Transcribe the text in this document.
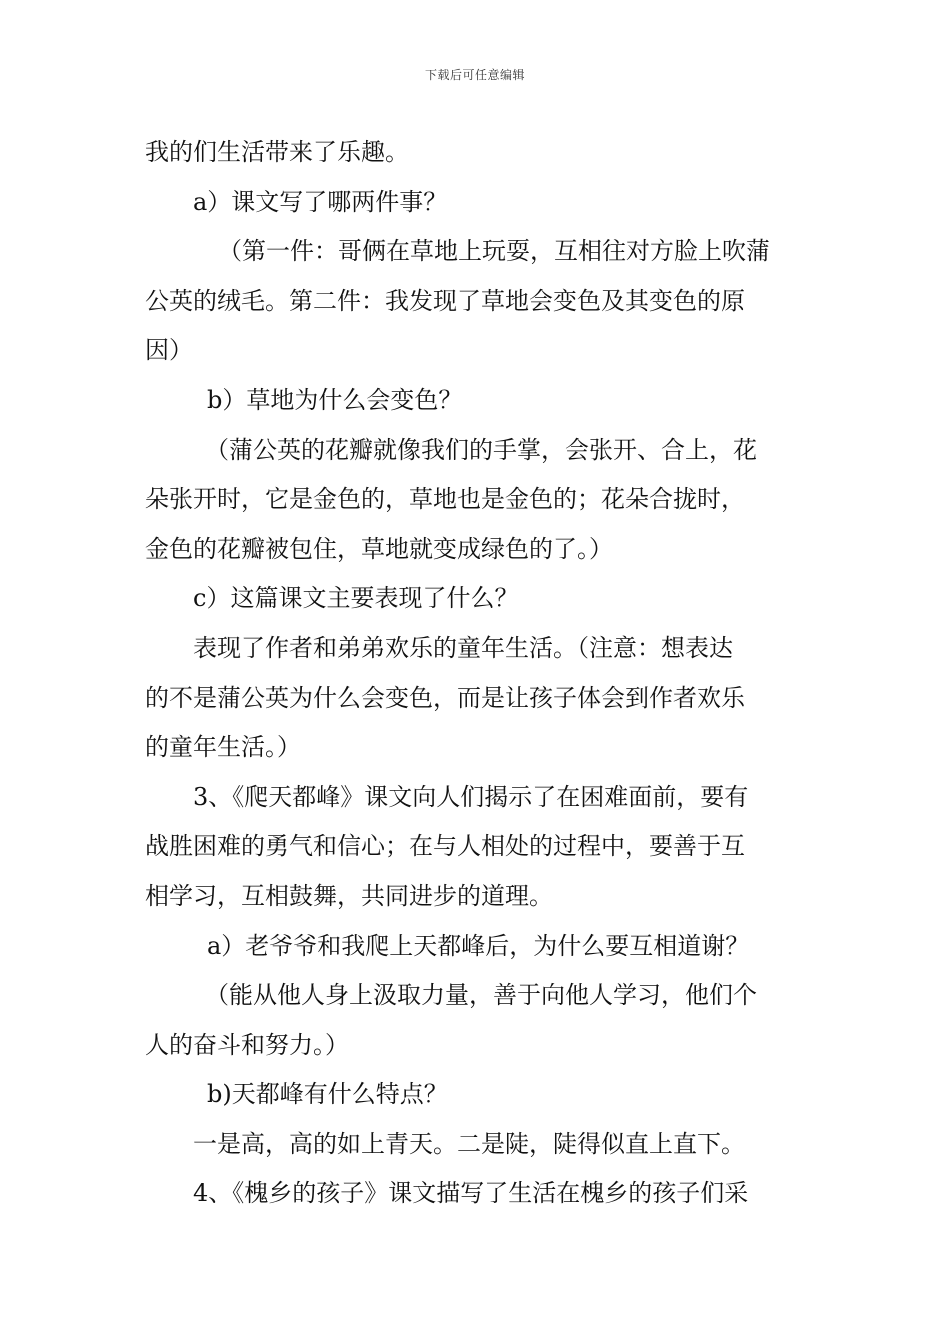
下载后可任意编辑
我的们生活带来了乐趣。
a）课文写了哪两件事？
（第一件：哥俩在草地上玩耍，互相往对方脸上吹蒲
公英的绒毛。第二件：我发现了草地会变色及其变色的原
因）
b）草地为什么会变色？
（蒲公英的花瓣就像我们的手掌，会张开、合上，花
朵张开时，它是金色的，草地也是金色的；花朵合拢时，
金色的花瓣被包住，草地就变成绿色的了。）
c）这篇课文主要表现了什么？
表现了作者和弟弟欢乐的童年生活。（注意：想表达
的不是蒲公英为什么会变色，而是让孩子体会到作者欢乐
的童年生活。）
3、《爬天都峰》课文向人们揭示了在困难面前，要有
战胜困难的勇气和信心；在与人相处的过程中，要善于互
相学习，互相鼓舞，共同进步的道理。
a）老爷爷和我爬上天都峰后，为什么要互相道谢？
（能从他人身上汲取力量，善于向他人学习，他们个
人的奋斗和努力。）
b)天都峰有什么特点？
一是高，高的如上青天。二是陡，陡得似直上直下。
4、《槐乡的孩子》课文描写了生活在槐乡的孩子们采
